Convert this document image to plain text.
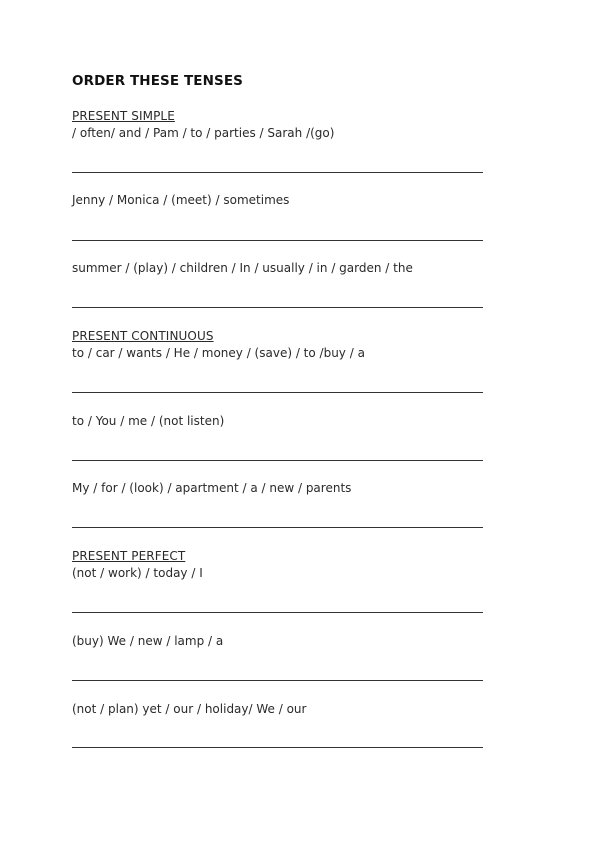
ORDER THESE TENSES
PRESENT SIMPLE
/ often/ and / Pam / to / parties / Sarah /(go)
Jenny / Monica / (meet) / sometimes
summer / (play) / children / In / usually / in / garden / the
PRESENT CONTINUOUS
to / car / wants / He / money / (save) / to /buy / a
to / You / me / (not listen)
My / for / (look) / apartment / a / new / parents
PRESENT PERFECT
(not / work) / today / I
(buy) We / new / lamp / a
(not / plan) yet / our / holiday/ We / our
